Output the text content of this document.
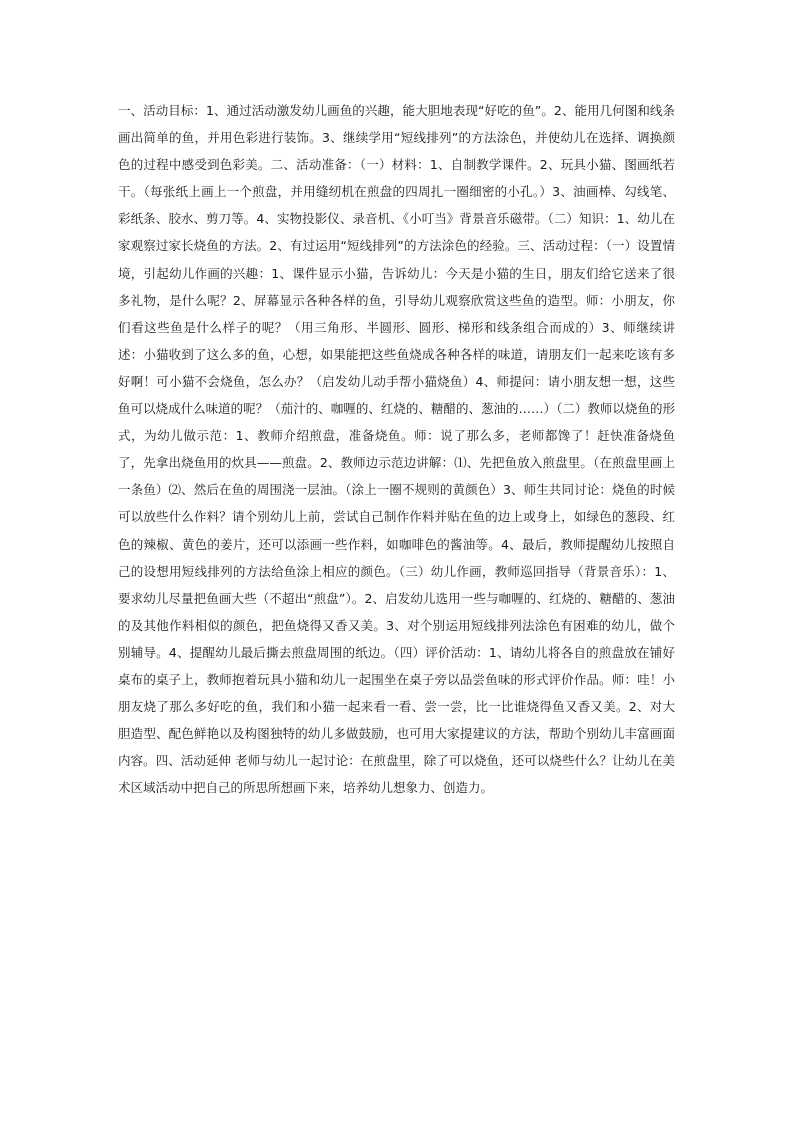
一、活动目标：1、通过活动激发幼儿画鱼的兴趣，能大胆地表现“好吃的鱼”。2、能用几何图和线条画出简单的鱼，并用色彩进行装饰。3、继续学用“短线排列”的方法涂色，并使幼儿在选择、调换颜色的过程中感受到色彩美。二、活动准备：（一）材料：1、自制教学课件。2、玩具小猫、图画纸若干。（每张纸上画上一个煎盘，并用缝纫机在煎盘的四周扎一圈细密的小孔。）3、油画棒、勾线笔、彩纸条、胶水、剪刀等。4、实物投影仪、录音机、《小叮当》背景音乐磁带。（二）知识：1、幼儿在家观察过家长烧鱼的方法。2、有过运用“短线排列”的方法涂色的经验。三、活动过程：（一）设置情境，引起幼儿作画的兴趣：1、课件显示小猫，告诉幼儿：今天是小猫的生日，朋友们给它送来了很多礼物，是什么呢？2、屏幕显示各种各样的鱼，引导幼儿观察欣赏这些鱼的造型。师：小朋友，你们看这些鱼是什么样子的呢？（用三角形、半圆形、圆形、梯形和线条组合而成的）3、师继续讲述：小猫收到了这么多的鱼，心想，如果能把这些鱼烧成各种各样的味道，请朋友们一起来吃该有多好啊！可小猫不会烧鱼，怎么办？（启发幼儿动手帮小猫烧鱼）4、师提问：请小朋友想一想，这些鱼可以烧成什么味道的呢？（茄汁的、咖喱的、红烧的、糖醋的、葱油的……）（二）教师以烧鱼的形式，为幼儿做示范：1、教师介绍煎盘，准备烧鱼。师：说了那么多，老师都馋了！赶快准备烧鱼了，先拿出烧鱼用的炊具——煎盘。2、教师边示范边讲解：⑴、先把鱼放入煎盘里。（在煎盘里画上一条鱼）⑵、然后在鱼的周围浇一层油。（涂上一圈不规则的黄颜色）3、师生共同讨论：烧鱼的时候可以放些什么作料？请个别幼儿上前，尝试自己制作作料并贴在鱼的边上或身上，如绿色的葱段、红色的辣椒、黄色的姜片，还可以添画一些作料，如咖啡色的酱油等。4、最后，教师提醒幼儿按照自己的设想用短线排列的方法给鱼涂上相应的颜色。（三）幼儿作画，教师巡回指导（背景音乐）：1、要求幼儿尽量把鱼画大些（不超出“煎盘”）。2、启发幼儿选用一些与咖喱的、红烧的、糖醋的、葱油的及其他作料相似的颜色，把鱼烧得又香又美。3、对个别运用短线排列法涂色有困难的幼儿，做个别辅导。4、提醒幼儿最后撕去煎盘周围的纸边。（四）评价活动：1、请幼儿将各自的煎盘放在铺好桌布的桌子上，教师抱着玩具小猫和幼儿一起围坐在桌子旁以品尝鱼味的形式评价作品。师：哇！小朋友烧了那么多好吃的鱼，我们和小猫一起来看一看、尝一尝，比一比谁烧得鱼又香又美。2、对大胆造型、配色鲜艳以及构图独特的幼儿多做鼓励，也可用大家提建议的方法，帮助个别幼儿丰富画面内容。四、活动延伸 老师与幼儿一起讨论：在煎盘里，除了可以烧鱼，还可以烧些什么？让幼儿在美术区域活动中把自己的所思所想画下来，培养幼儿想象力、创造力。
